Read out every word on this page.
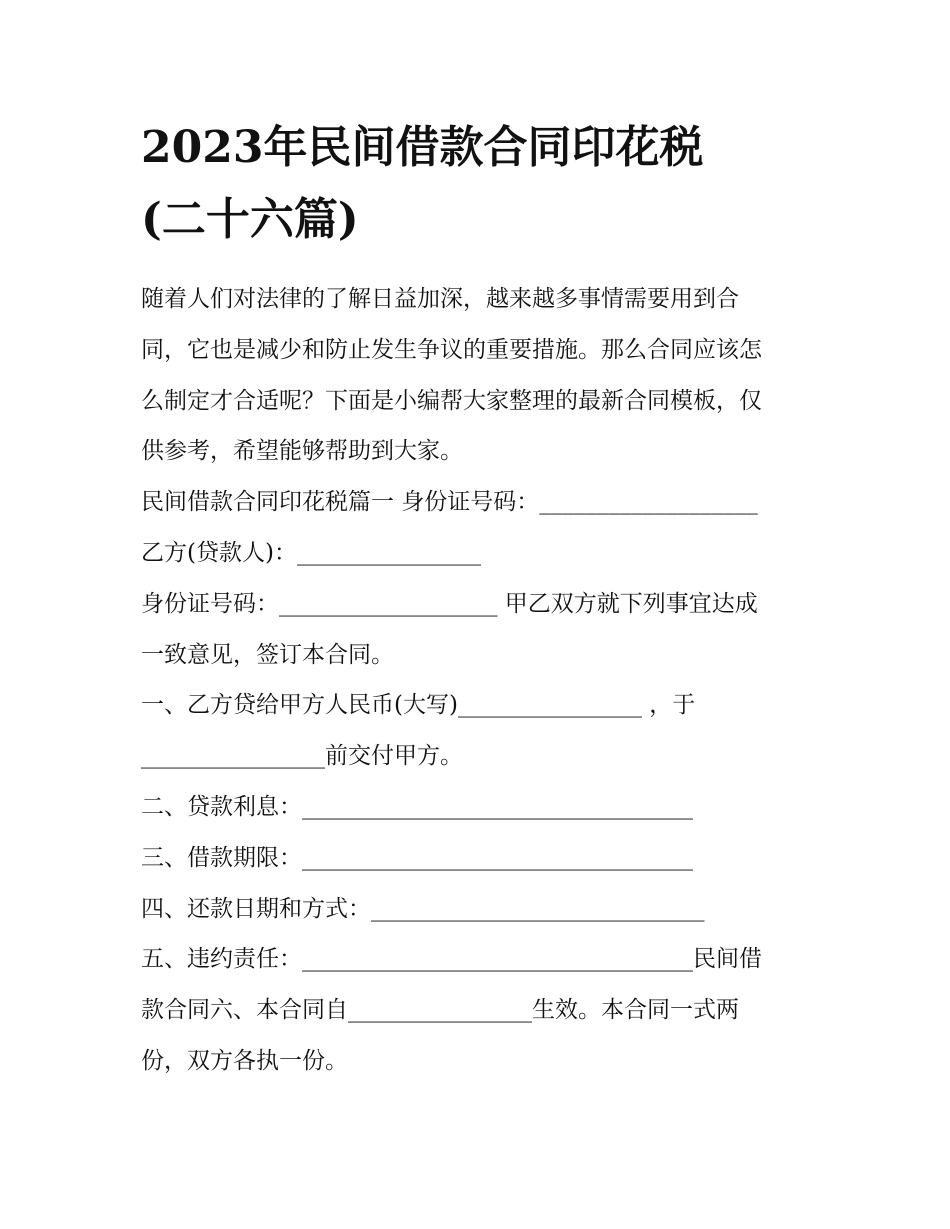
2023年民间借款合同印花税
(二十六篇)

随着人们对法律的了解日益加深，越来越多事情需要用到合
同，它也是减少和防止发生争议的重要措施。那么合同应该怎
么制定才合适呢？下面是小编帮大家整理的最新合同模板，仅
供参考，希望能够帮助到大家。

民间借款合同印花税篇一 身份证号码：___________________
乙方(贷款人)：________________
身份证号码：___________________ 甲乙双方就下列事宜达成
一致意见，签订本合同。
一、乙方贷给甲方人民币(大写)________________ ，于
________________前交付甲方。
二、贷款利息：__________________________________
三、借款期限：__________________________________
四、还款日期和方式：_____________________________
五、违约责任：__________________________________民间借
款合同六、本合同自________________生效。本合同一式两
份，双方各执一份。
